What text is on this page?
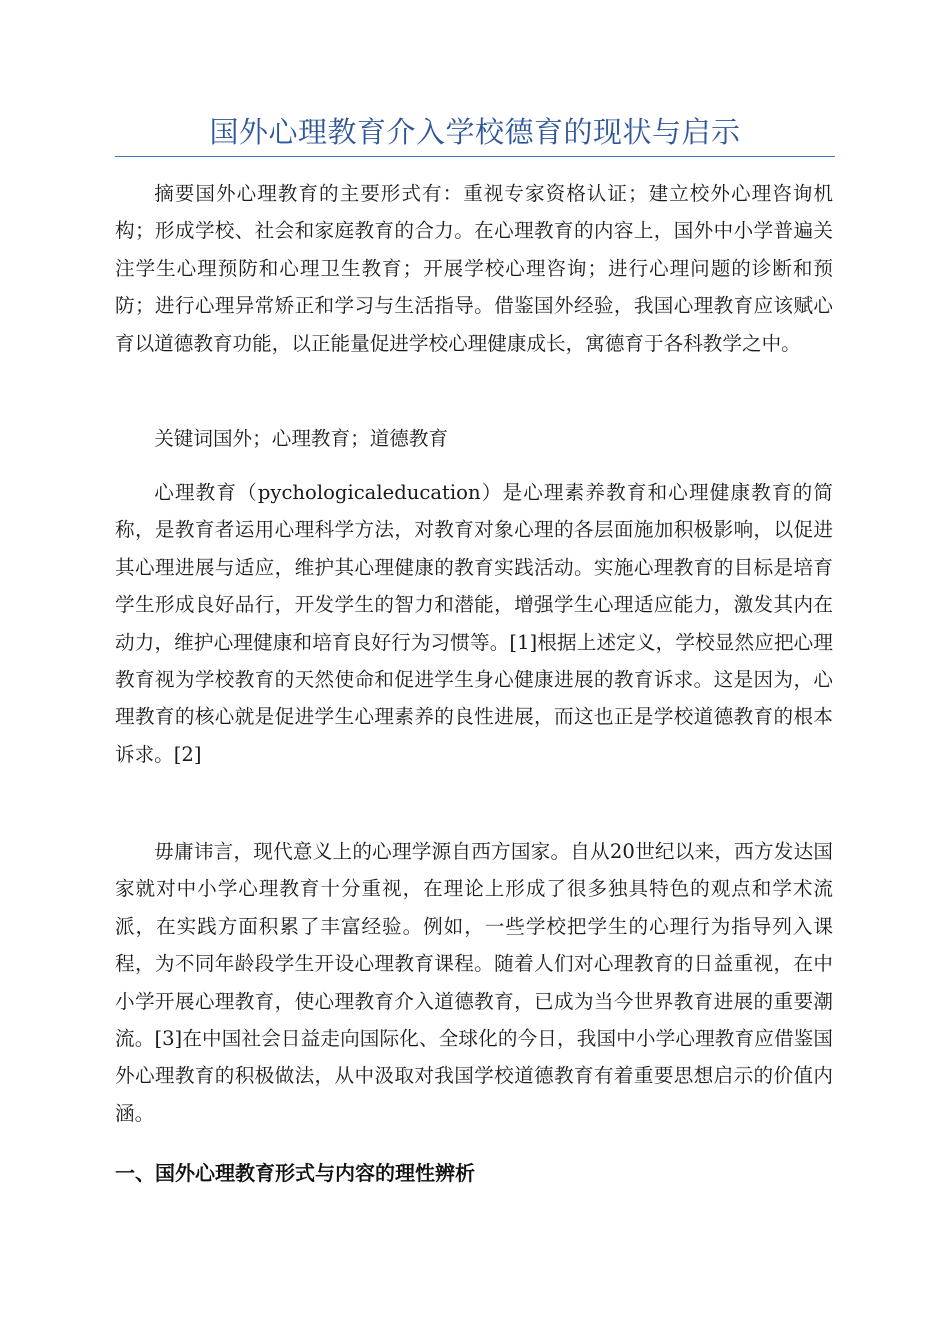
国外心理教育介入学校德育的现状与启示

摘要国外心理教育的主要形式有：重视专家资格认证；建立校外心理咨询机构；形成学校、社会和家庭教育的合力。在心理教育的内容上，国外中小学普遍关注学生心理预防和心理卫生教育；开展学校心理咨询；进行心理问题的诊断和预防；进行心理异常矫正和学习与生活指导。借鉴国外经验，我国心理教育应该赋心育以道德教育功能，以正能量促进学校心理健康成长，寓德育于各科教学之中。

关键词国外；心理教育；道德教育

心理教育（pychologicaleducation）是心理素养教育和心理健康教育的简称，是教育者运用心理科学方法，对教育对象心理的各层面施加积极影响，以促进其心理进展与适应，维护其心理健康的教育实践活动。实施心理教育的目标是培育学生形成良好品行，开发学生的智力和潜能，增强学生心理适应能力，激发其内在动力，维护心理健康和培育良好行为习惯等。[1]根据上述定义，学校显然应把心理教育视为学校教育的天然使命和促进学生身心健康进展的教育诉求。这是因为，心理教育的核心就是促进学生心理素养的良性进展，而这也正是学校道德教育的根本诉求。[2]

毋庸讳言，现代意义上的心理学源自西方国家。自从20世纪以来，西方发达国家就对中小学心理教育十分重视，在理论上形成了很多独具特色的观点和学术流派，在实践方面积累了丰富经验。例如，一些学校把学生的心理行为指导列入课程，为不同年龄段学生开设心理教育课程。随着人们对心理教育的日益重视，在中小学开展心理教育，使心理教育介入道德教育，已成为当今世界教育进展的重要潮流。[3]在中国社会日益走向国际化、全球化的今日，我国中小学心理教育应借鉴国外心理教育的积极做法，从中汲取对我国学校道德教育有着重要思想启示的价值内涵。

一、国外心理教育形式与内容的理性辨析
